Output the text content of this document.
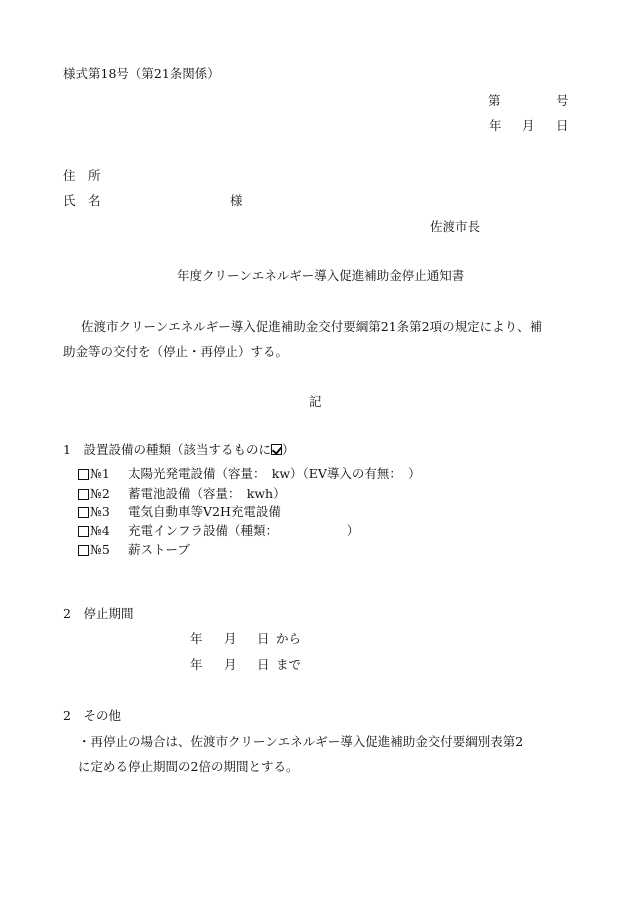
様式第18号（第21条関係）
第	号
年 月 日
住　所
氏　名	様
佐渡市長
年度クリーンエネルギー導入促進補助金停止通知書
佐渡市クリーンエネルギー導入促進補助金交付要綱第21条第2項の規定により、補
助金等の交付を（停止・再停止）する。
記
1　設置設備の種類（該当するものに ）
№1	太陽光発電設備（容量：　kw）（EV導入の有無：　）
№2	蓄電池設備（容量：　kwh）
№3	電気自動車等V2H充電設備
№4	充電インフラ設備（種類：　　　　　　）
№5	薪ストーブ
2　停止期間
年 月 日 から
年 月 日 まで
2　その他
・再停止の場合は、佐渡市クリーンエネルギー導入促進補助金交付要綱別表第2
に定める停止期間の2倍の期間とする。
